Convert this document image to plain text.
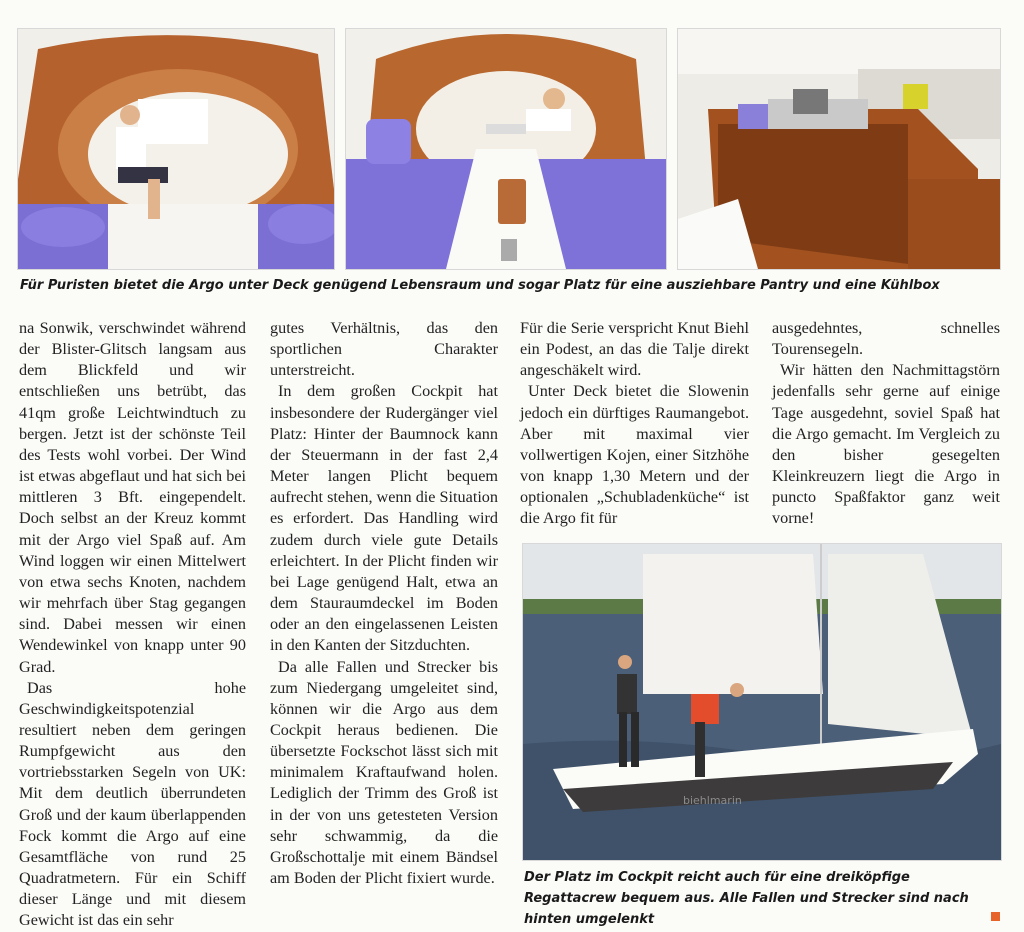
Für Puristen bietet die Argo unter Deck genügend Lebensraum und sogar Platz für eine ausziehbare Pantry und eine Kühlbox

na Sonwik, verschwindet während der Blister-Glitsch langsam aus dem Blickfeld und wir entschließen uns betrübt, das 41qm große Leichtwindtuch zu bergen. Jetzt ist der schönste Teil des Tests wohl vorbei. Der Wind ist etwas abgeflaut und hat sich bei mittleren 3 Bft. eingependelt. Doch selbst an der Kreuz kommt mit der Argo viel Spaß auf. Am Wind loggen wir einen Mittelwert von etwa sechs Knoten, nachdem wir mehrfach über Stag gegangen sind. Dabei messen wir einen Wendewinkel von knapp unter 90 Grad.

Das hohe Geschwindigkeitspotenzial resultiert neben dem geringen Rumpfgewicht aus den vortriebsstarken Segeln von UK: Mit dem deutlich überrundeten Groß und der kaum überlappenden Fock kommt die Argo auf eine Gesamtfläche von rund 25 Quadratmetern. Für ein Schiff dieser Länge und mit diesem Gewicht ist das ein sehr

gutes Verhältnis, das den sportlichen Charakter unterstreicht.

In dem großen Cockpit hat insbesondere der Rudergänger viel Platz: Hinter der Baumnock kann der Steuermann in der fast 2,4 Meter langen Plicht bequem aufrecht stehen, wenn die Situation es erfordert. Das Handling wird zudem durch viele gute Details erleichtert. In der Plicht finden wir bei Lage genügend Halt, etwa an dem Stauraumdeckel im Boden oder an den eingelassenen Leisten in den Kanten der Sitzduchten.

Da alle Fallen und Strecker bis zum Niedergang umgeleitet sind, können wir die Argo aus dem Cockpit heraus bedienen. Die übersetzte Fockschot lässt sich mit minimalem Kraftaufwand holen. Lediglich der Trimm des Groß ist in der von uns getesteten Version sehr schwammig, da die Großschottalje mit einem Bändsel am Boden der Plicht fixiert wurde.

Für die Serie verspricht Knut Biehl ein Podest, an das die Talje direkt angeschäkelt wird.

Unter Deck bietet die Slowenin jedoch ein dürftiges Raumangebot. Aber mit maximal vier vollwertigen Kojen, einer Sitzhöhe von knapp 1,30 Metern und der optionalen „Schubladenküche“ ist die Argo fit für

ausgedehntes, schnelles Tourensegeln.

Wir hätten den Nachmittagstörn jedenfalls sehr gerne auf einige Tage ausgedehnt, soviel Spaß hat die Argo gemacht. Im Vergleich zu den bisher gesegelten Kleinkreuzern liegt die Argo in puncto Spaßfaktor ganz weit vorne!

biehlmarin
Der Platz im Cockpit reicht auch für eine dreiköpfige Regattacrew bequem aus. Alle Fallen und Strecker sind nach hinten umgelenkt
